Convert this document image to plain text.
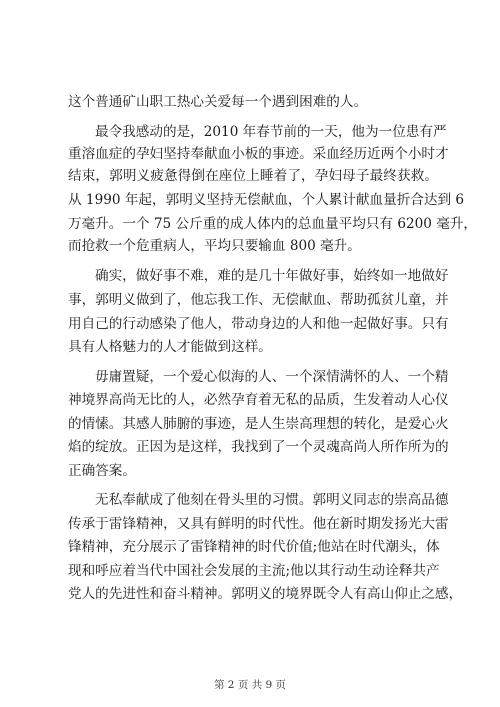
这个普通矿山职工热心关爱每一个遇到困难的人。
最令我感动的是，2010 年春节前的一天，他为一位患有严
重溶血症的孕妇坚持奉献血小板的事迹。采血经历近两个小时才
结束，郭明义疲惫得倒在座位上睡着了，孕妇母子最终获救。
从 1990 年起，郭明义坚持无偿献血，个人累计献血量折合达到 6
万毫升。一个 75 公斤重的成人体内的总血量平均只有 6200 毫升，
而抢救一个危重病人，平均只要输血 800 毫升。
确实，做好事不难，难的是几十年做好事，始终如一地做好
事，郭明义做到了，他忘我工作、无偿献血、帮助孤贫儿童，并
用自己的行动感染了他人，带动身边的人和他一起做好事。只有
具有人格魅力的人才能做到这样。
毋庸置疑，一个爱心似海的人、一个深情满怀的人、一个精
神境界高尚无比的人，必然孕育着无私的品质，生发着动人心仪
的情愫。其感人肺腑的事迹，是人生崇高理想的转化，是爱心火
焰的绽放。正因为是这样，我找到了一个灵魂高尚人所作所为的
正确答案。
无私奉献成了他刻在骨头里的习惯。郭明义同志的崇高品德
传承于雷锋精神，又具有鲜明的时代性。他在新时期发扬光大雷
锋精神，充分展示了雷锋精神的时代价值;他站在时代潮头，体
现和呼应着当代中国社会发展的主流;他以其行动生动诠释共产
党人的先进性和奋斗精神。郭明义的境界既令人有高山仰止之感，
第 2 页 共 9 页
